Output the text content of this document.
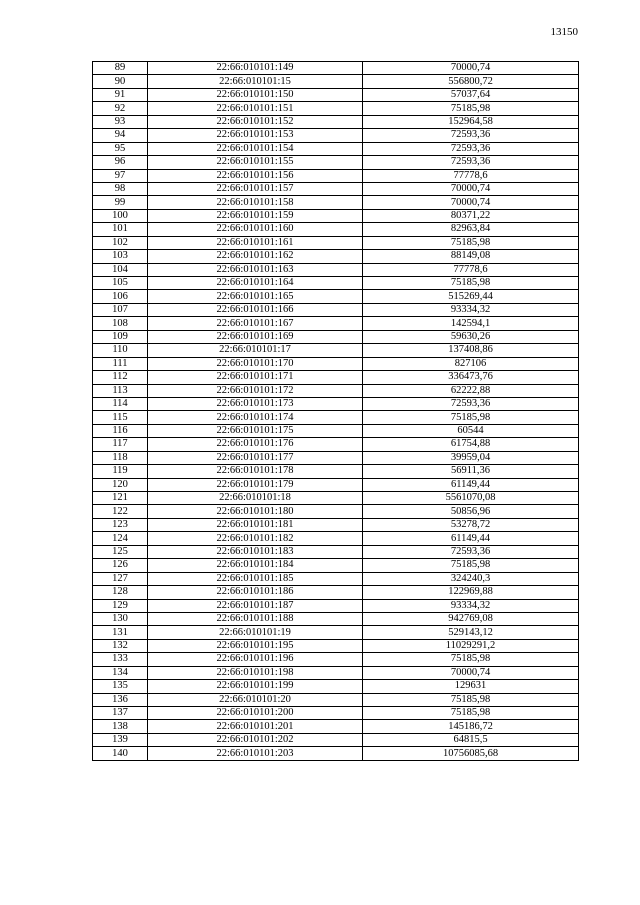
13150
89	22:66:010101:149	70000,74
90	22:66:010101:15	556800,72
91	22:66:010101:150	57037,64
92	22:66:010101:151	75185,98
93	22:66:010101:152	152964,58
94	22:66:010101:153	72593,36
95	22:66:010101:154	72593,36
96	22:66:010101:155	72593,36
97	22:66:010101:156	77778,6
98	22:66:010101:157	70000,74
99	22:66:010101:158	70000,74
100	22:66:010101:159	80371,22
101	22:66:010101:160	82963,84
102	22:66:010101:161	75185,98
103	22:66:010101:162	88149,08
104	22:66:010101:163	77778,6
105	22:66:010101:164	75185,98
106	22:66:010101:165	515269,44
107	22:66:010101:166	93334,32
108	22:66:010101:167	142594,1
109	22:66:010101:169	59630,26
110	22:66:010101:17	137408,86
111	22:66:010101:170	827106
112	22:66:010101:171	336473,76
113	22:66:010101:172	62222,88
114	22:66:010101:173	72593,36
115	22:66:010101:174	75185,98
116	22:66:010101:175	60544
117	22:66:010101:176	61754,88
118	22:66:010101:177	39959,04
119	22:66:010101:178	56911,36
120	22:66:010101:179	61149,44
121	22:66:010101:18	5561070,08
122	22:66:010101:180	50856,96
123	22:66:010101:181	53278,72
124	22:66:010101:182	61149,44
125	22:66:010101:183	72593,36
126	22:66:010101:184	75185,98
127	22:66:010101:185	324240,3
128	22:66:010101:186	122969,88
129	22:66:010101:187	93334,32
130	22:66:010101:188	942769,08
131	22:66:010101:19	529143,12
132	22:66:010101:195	11029291,2
133	22:66:010101:196	75185,98
134	22:66:010101:198	70000,74
135	22:66:010101:199	129631
136	22:66:010101:20	75185,98
137	22:66:010101:200	75185,98
138	22:66:010101:201	145186,72
139	22:66:010101:202	64815,5
140	22:66:010101:203	10756085,68
